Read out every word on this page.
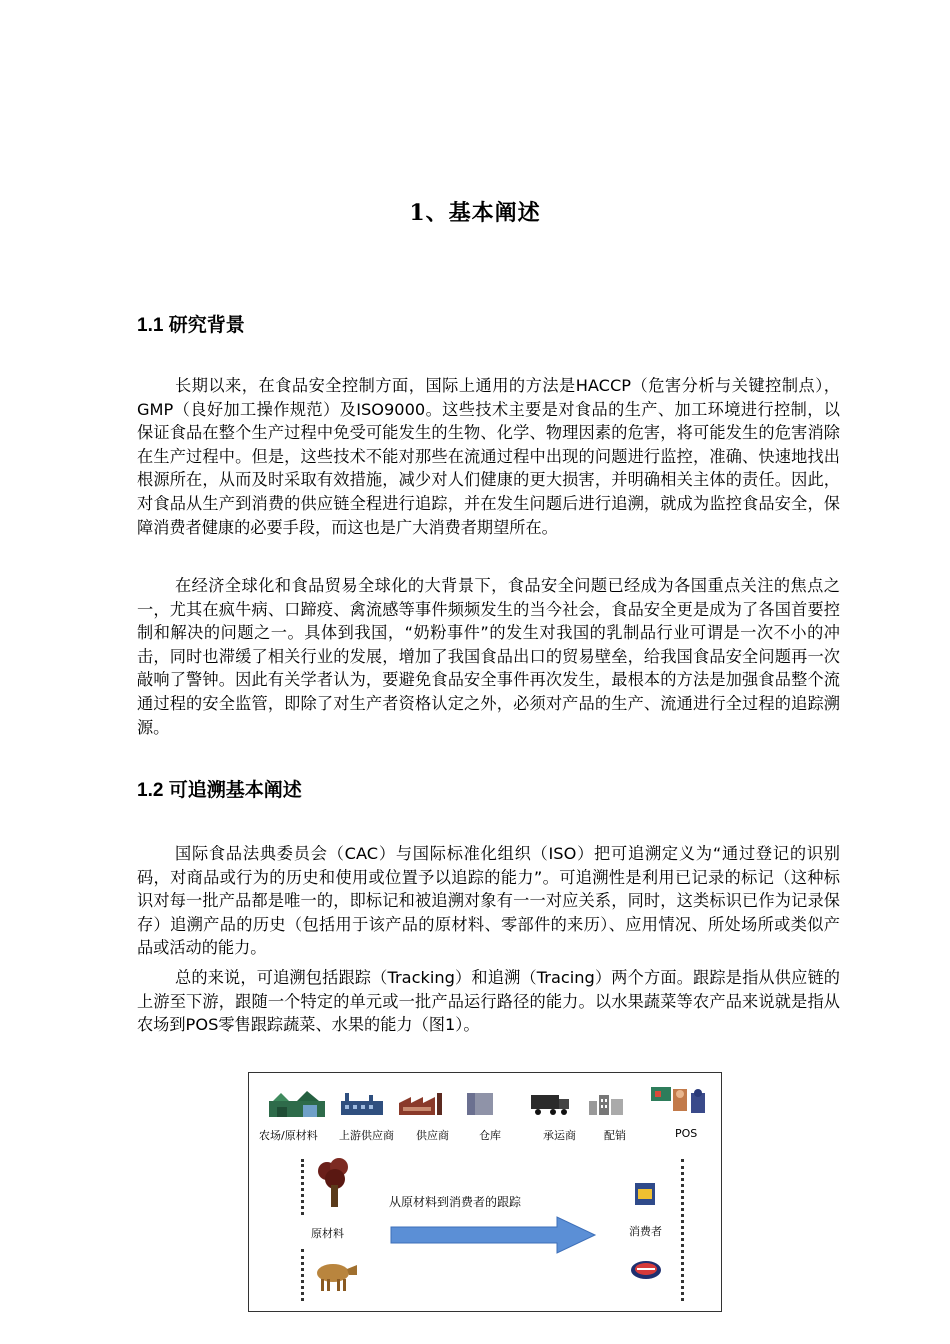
1、基本阐述
1.1 研究背景

长期以来，在食品安全控制方面，国际上通用的方法是HACCP（危害分析与关键控制点），GMP（良好加工操作规范）及ISO9000。这些技术主要是对食品的生产、加工环境进行控制，以保证食品在整个生产过程中免受可能发生的生物、化学、物理因素的危害，将可能发生的危害消除在生产过程中。但是，这些技术不能对那些在流通过程中出现的问题进行监控，准确、快速地找出根源所在，从而及时采取有效措施，减少对人们健康的更大损害，并明确相关主体的责任。因此，对食品从生产到消费的供应链全程进行追踪，并在发生问题后进行追溯，就成为监控食品安全，保障消费者健康的必要手段，而这也是广大消费者期望所在。

在经济全球化和食品贸易全球化的大背景下，食品安全问题已经成为各国重点关注的焦点之一，尤其在疯牛病、口蹄疫、禽流感等事件频频发生的当今社会，食品安全更是成为了各国首要控制和解决的问题之一。具体到我国，“奶粉事件”的发生对我国的乳制品行业可谓是一次不小的冲击，同时也滞缓了相关行业的发展，增加了我国食品出口的贸易壁垒，给我国食品安全问题再一次敲响了警钟。因此有关学者认为，要避免食品安全事件再次发生，最根本的方法是加强食品整个流通过程的安全监管，即除了对生产者资格认定之外，必须对产品的生产、流通进行全过程的追踪溯源。

1.2 可追溯基本阐述

国际食品法典委员会（CAC）与国际标准化组织（ISO）把可追溯定义为“通过登记的识别码，对商品或行为的历史和使用或位置予以追踪的能力”。可追溯性是利用已记录的标记（这种标识对每一批产品都是唯一的，即标记和被追溯对象有一一对应关系，同时，这类标识已作为记录保存）追溯产品的历史（包括用于该产品的原材料、零部件的来历）、应用情况、所处场所或类似产品或活动的能力。

总的来说，可追溯包括跟踪（Tracking）和追溯（Tracing）两个方面。跟踪是指从供应链的上游至下游，跟随一个特定的单元或一批产品运行路径的能力。以水果蔬菜等农产品来说就是指从农场到POS零售跟踪蔬菜、水果的能力（图1）。

农场/原材料 上游供应商 供应商	仓库	承运商	配销	POS
原材料
从原材料到消费者的跟踪
消费者
